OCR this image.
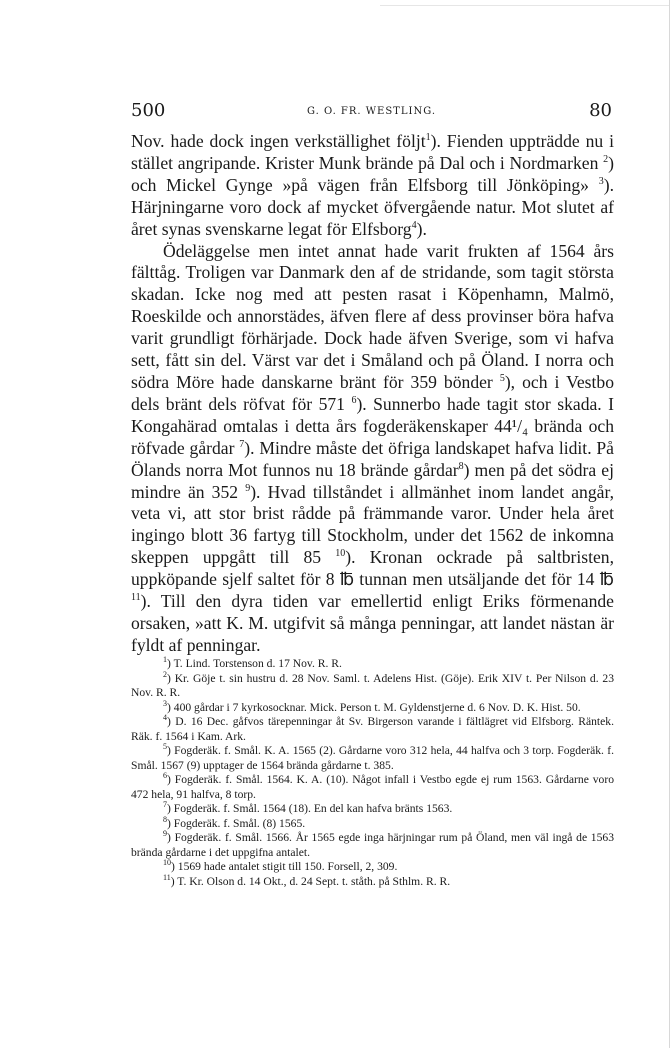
500	G. O. FR. WESTLING.	80

Nov. hade dock ingen verkställighet följt$^1$). Fienden uppträdde nu i stället angripande. Krister Munk brände på Dal och i Nordmarken $^2$) och Mickel Gynge »på vägen från Elfsborg till Jönköping» $^3$). Härjningarne voro dock af mycket öfvergående natur. Mot slutet af året synas svenskarne legat för Elfsborg$^4$).

Ödeläggelse men intet annat hade varit frukten af 1564 års fälttåg. Troligen var Danmark den af de stridande, som tagit största skadan. Icke nog med att pesten rasat i Köpenhamn, Malmö, Roeskilde och annorstädes, äfven flere af dess provinser böra hafva varit grundligt förhärjade. Dock hade äfven Sverige, som vi hafva sett, fått sin del. Värst var det i Småland och på Öland. I norra och södra Möre hade danskarne bränt för 359 bönder $^5$), och i Vestbo dels bränt dels röfvat för 571 $^6$). Sunnerbo hade tagit stor skada. I Kongahärad omtalas i detta års fogderäkenskaper 44¹/₄ brända och röfvade gårdar $^7$). Mindre måste det öfriga landskapet hafva lidit. På Ölands norra Mot funnos nu 18 brände gårdar$^8$) men på det södra ej mindre än 352 $^9$). Hvad tillståndet i allmänhet inom landet angår, veta vi, att stor brist rådde på främmande varor. Under hela året ingingo blott 36 fartyg till Stockholm, under det 1562 de inkomna skeppen uppgått till 85 $^{10}$). Kronan ockrade på saltbristen, uppköpande sjelf saltet för 8 ℔ tunnan men utsäljande det för 14 ℔ $^{11}$). Till den dyra tiden var emellertid enligt Eriks förmenande orsaken, »att K. M. utgifvit så många penningar, att landet nästan är fyldt af penningar.

$^1$) T. Lind. Torstenson d. 17 Nov. R. R.

$^2$) Kr. Göje t. sin hustru d. 28 Nov. Saml. t. Adelens Hist. (Göje). Erik XIV t. Per Nilson d. 23 Nov. R. R.

$^3$) 400 gårdar i 7 kyrkosocknar. Mick. Person t. M. Gyldenstjerne d. 6 Nov. D. K. Hist. 50.

$^4$) D. 16 Dec. gåfvos tärepenningar åt Sv. Birgerson varande i fältlägret vid Elfsborg. Räntek. Räk. f. 1564 i Kam. Ark.

$^5$) Fogderäk. f. Smål. K. A. 1565 (2). Gårdarne voro 312 hela, 44 halfva och 3 torp. Fogderäk. f. Smål. 1567 (9) upptager de 1564 brända gårdarne t. 385.

$^6$) Fogderäk. f. Smål. 1564. K. A. (10). Något infall i Vestbo egde ej rum 1563. Gårdarne voro 472 hela, 91 halfva, 8 torp.

$^7$) Fogderäk. f. Smål. 1564 (18). En del kan hafva bränts 1563.

$^8$) Fogderäk. f. Smål. (8) 1565.

$^9$) Fogderäk. f. Smål. 1566. År 1565 egde inga härjningar rum på Öland, men väl ingå de 1563 brända gårdarne i det uppgifna antalet.

$^{10}$) 1569 hade antalet stigit till 150. Forsell, 2, 309.

$^{11}$) T. Kr. Olson d. 14 Okt., d. 24 Sept. t. ståth. på Sthlm. R. R.
